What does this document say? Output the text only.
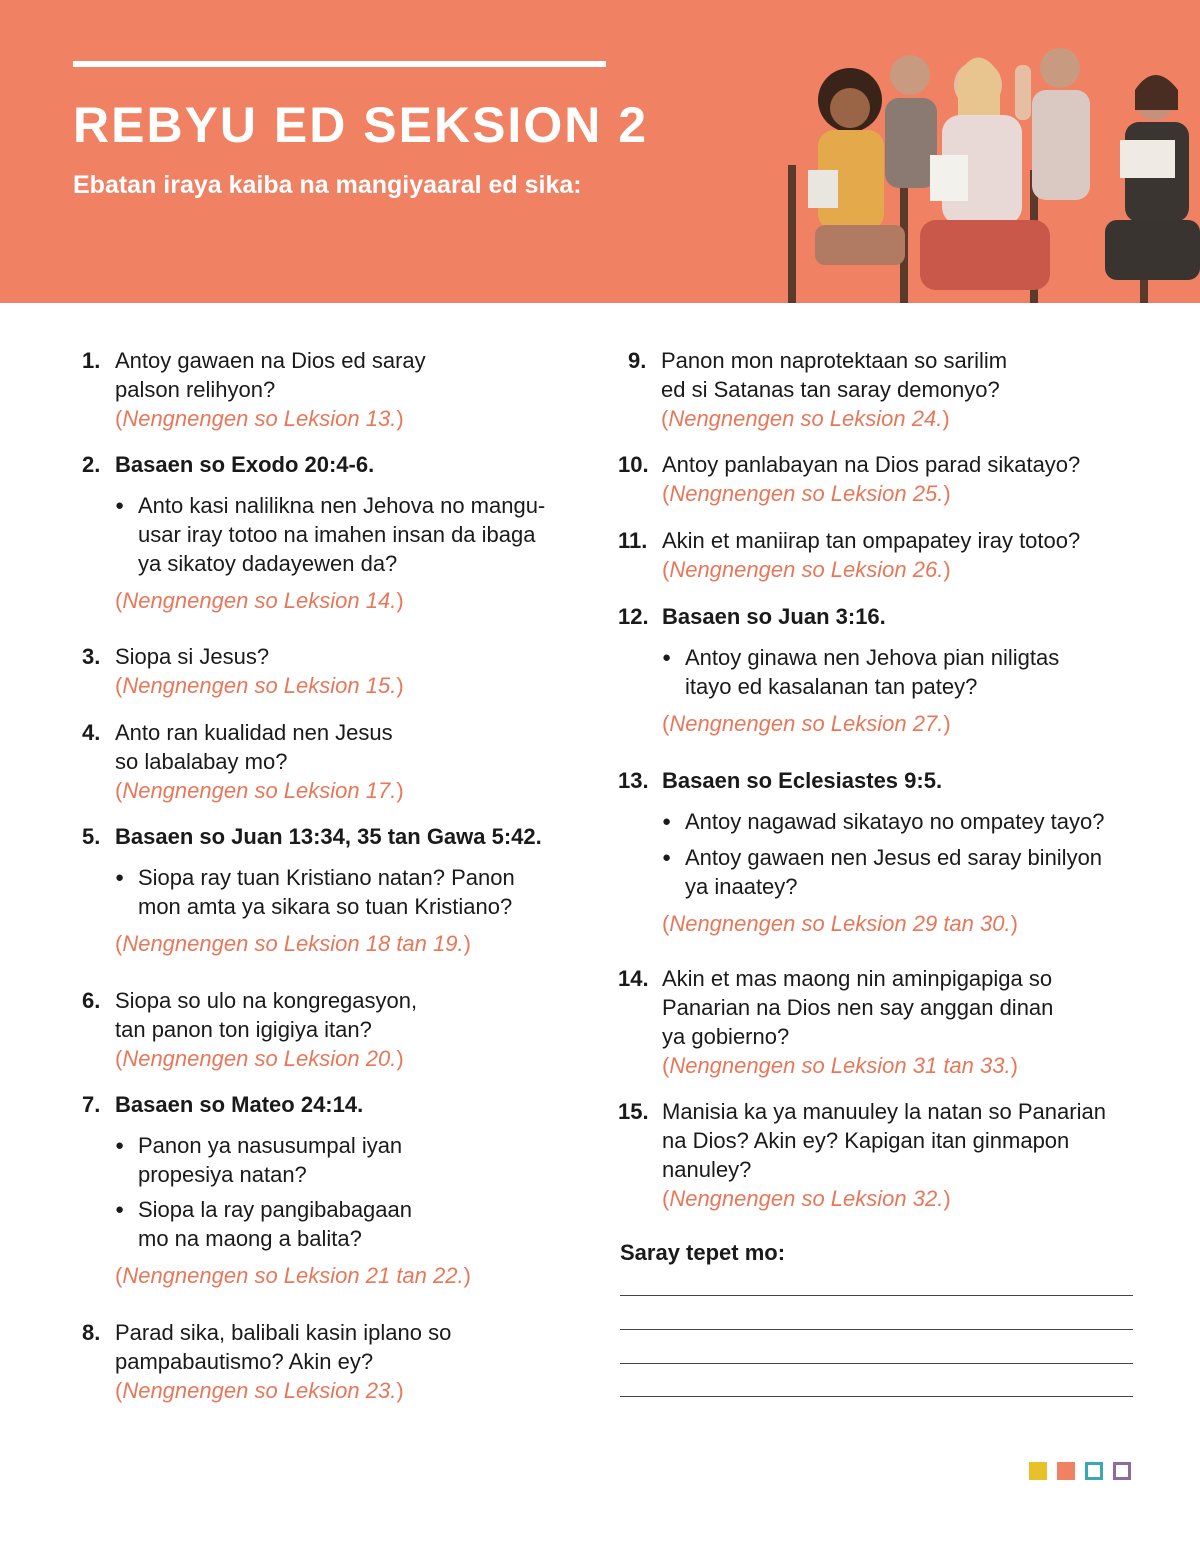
REBYU ED SEKSION 2
Ebatan iraya kaiba na mangiyaaral ed sika:
1. Antoy gawaen na Dios ed saray
palson relihyon?
(Nengnengen so Leksion 13.)
2. Basaen so Exodo 20:4-6.
● Anto kasi nalilikna nen Jehova no mangu-
usar iray totoo na imahen insan da ibaga
ya sikatoy dadayewen da?
(Nengnengen so Leksion 14.)
3. Siopa si Jesus?
(Nengnengen so Leksion 15.)
4. Anto ran kualidad nen Jesus
so labalabay mo?
(Nengnengen so Leksion 17.)
5. Basaen so Juan 13:34, 35 tan Gawa 5:42.
● Siopa ray tuan Kristiano natan? Panon
mon amta ya sikara so tuan Kristiano?
(Nengnengen so Leksion 18 tan 19.)
6. Siopa so ulo na kongregasyon,
tan panon ton igigiya itan?
(Nengnengen so Leksion 20.)
7. Basaen so Mateo 24:14.
● Panon ya nasusumpal iyan
propesiya natan?
● Siopa la ray pangibabagaan
mo na maong a balita?
(Nengnengen so Leksion 21 tan 22.)
8. Parad sika, balibali kasin iplano so
pampabautismo? Akin ey?
(Nengnengen so Leksion 23.)
9. Panon mon naprotektaan so sarilim
ed si Satanas tan saray demonyo?
(Nengnengen so Leksion 24.)
10. Antoy panlabayan na Dios parad sikatayo?
(Nengnengen so Leksion 25.)
11. Akin et maniirap tan ompapatey iray totoo?
(Nengnengen so Leksion 26.)
12. Basaen so Juan 3:16.
● Antoy ginawa nen Jehova pian niligtas
itayo ed kasalanan tan patey?
(Nengnengen so Leksion 27.)
13. Basaen so Eclesiastes 9:5.
● Antoy nagawad sikatayo no ompatey tayo?
● Antoy gawaen nen Jesus ed saray binilyon
ya inaatey?
(Nengnengen so Leksion 29 tan 30.)
14. Akin et mas maong nin aminpigapiga so
Panarian na Dios nen say anggan dinan
ya gobierno?
(Nengnengen so Leksion 31 tan 33.)
15. Manisia ka ya manuuley la natan so Panarian
na Dios? Akin ey? Kapigan itan ginmapon
nanuley?
(Nengnengen so Leksion 32.)
Saray tepet mo:
